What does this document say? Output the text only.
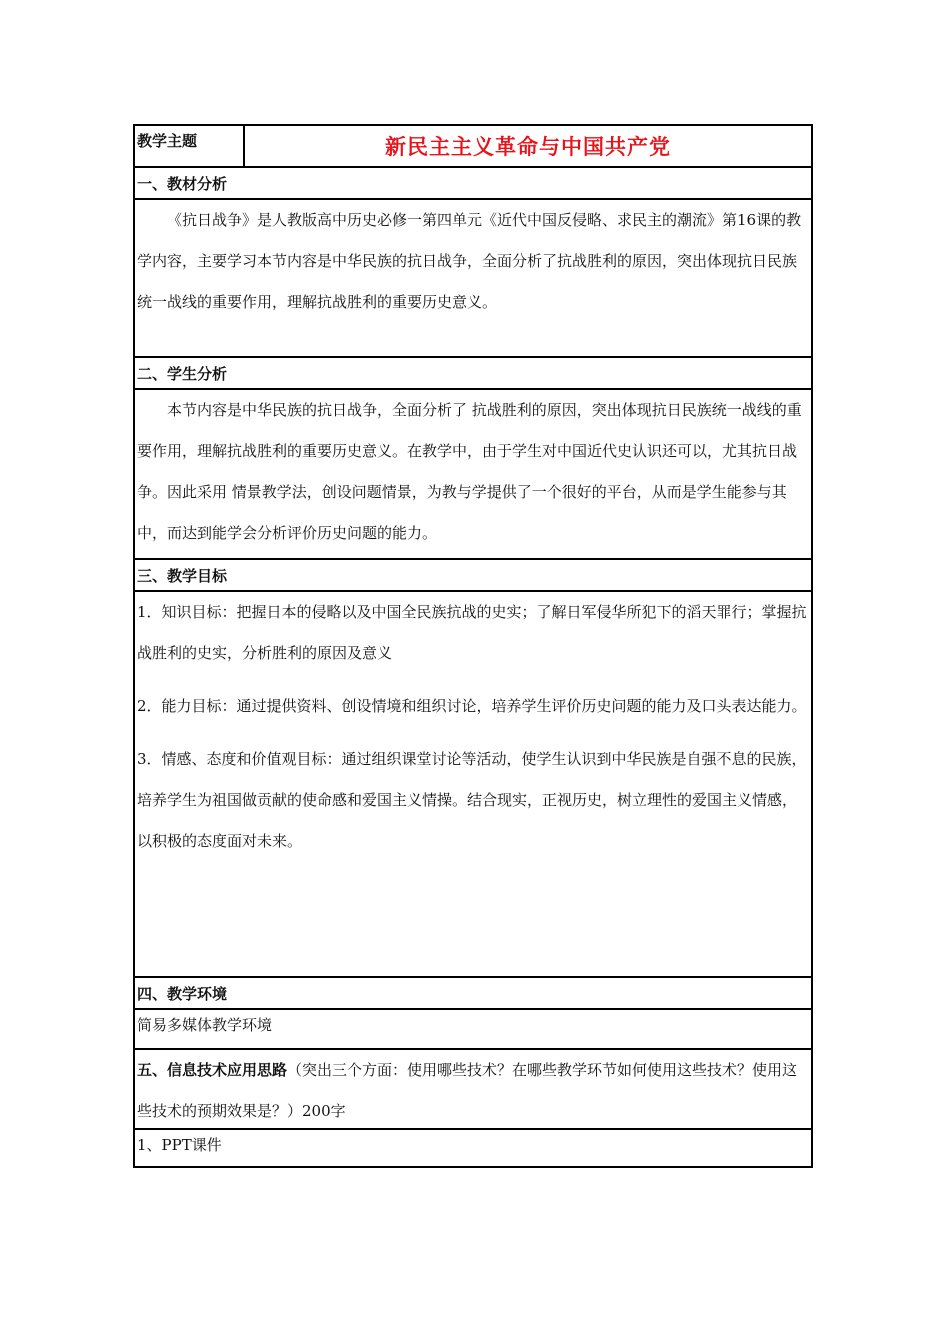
教学主题	新民主主义革命与中国共产党
一、教材分析

《抗日战争》是人教版高中历史必修一第四单元《近代中国反侵略、求民主的潮流》第16课的教学内容，主要学习本节内容是中华民族的抗日战争，全面分析了抗战胜利的原因，突出体现抗日民族统一战线的重要作用，理解抗战胜利的重要历史意义。

二、学生分析

本节内容是中华民族的抗日战争，全面分析了 抗战胜利的原因，突出体现抗日民族统一战线的重要作用，理解抗战胜利的重要历史意义。在教学中，由于学生对中国近代史认识还可以，尤其抗日战争。因此采用 情景教学法，创设问题情景，为教与学提供了一个很好的平台，从而是学生能参与其中，而达到能学会分析评价历史问题的能力。

三、教学目标

1．知识目标：把握日本的侵略以及中国全民族抗战的史实；了解日军侵华所犯下的滔天罪行；掌握抗战胜利的史实，分析胜利的原因及意义

2．能力目标：通过提供资料、创设情境和组织讨论，培养学生评价历史问题的能力及口头表达能力。

3．情感、态度和价值观目标：通过组织课堂讨论等活动，使学生认识到中华民族是自强不息的民族，培养学生为祖国做贡献的使命感和爱国主义情操。结合现实，正视历史，树立理性的爱国主义情感，以积极的态度面对未来。

四、教学环境

简易多媒体教学环境

五、信息技术应用思路（突出三个方面：使用哪些技术？在哪些教学环节如何使用这些技术？使用这些技术的预期效果是？）200字

1、PPT课件
